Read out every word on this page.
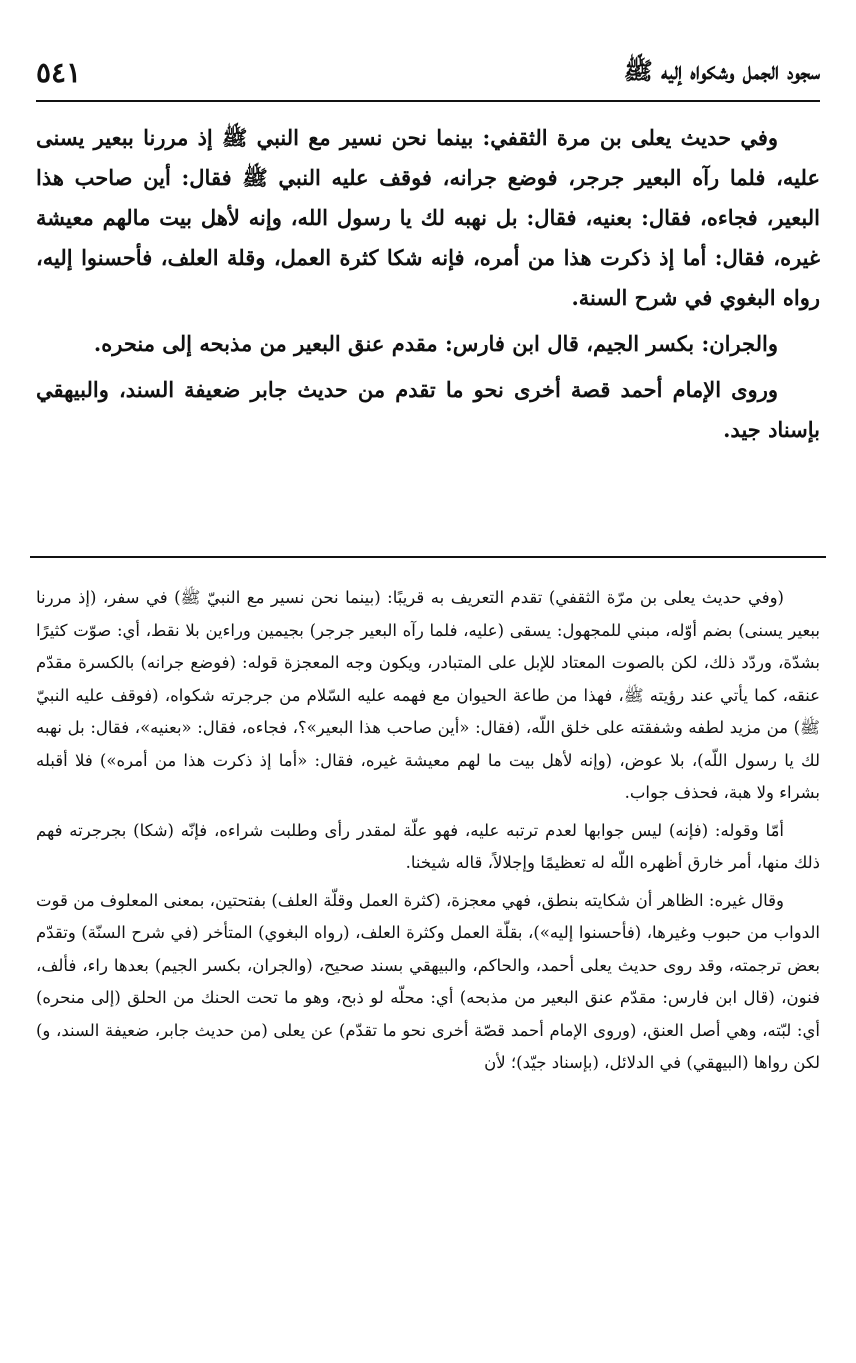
٥٤١	سجود الجمل وشكواه إليه ﷺ

وفي حديث يعلى بن مرة الثقفي: بينما نحن نسير مع النبي ﷺ إذ مررنا ببعير يسنى عليه، فلما رآه البعير جرجر، فوضع جرانه، فوقف عليه النبي ﷺ فقال: أين صاحب هذا البعير، فجاءه، فقال: بعنيه، فقال: بل نهبه لك يا رسول الله، وإنه لأهل بيت مالهم معيشة غيره، فقال: أما إذ ذكرت هذا من أمره، فإنه شكا كثرة العمل، وقلة العلف، فأحسنوا إليه، رواه البغوي في شرح السنة.

والجران: بكسر الجيم، قال ابن فارس: مقدم عنق البعير من مذبحه إلى منحره.

وروى الإمام أحمد قصة أخرى نحو ما تقدم من حديث جابر ضعيفة السند، والبيهقي بإسناد جيد.

(وفي حديث يعلى بن مرّة الثقفي) تقدم التعريف به قريبًا: (بينما نحن نسير مع النبيّ ﷺ) في سفر، (إذ مررنا ببعير يسنى) بضم أوّله، مبني للمجهول: يسقى (عليه، فلما رآه البعير جرجر) بجيمين وراءين بلا نقط، أي: صوّت كثيرًا بشدّة، وردّد ذلك، لكن بالصوت المعتاد للإبل على المتبادر، ويكون وجه المعجزة قوله: (فوضع جرانه) بالكسرة مقدّم عنقه، كما يأتي عند رؤيته ﷺ، فهذا من طاعة الحيوان مع فهمه عليه السّلام من جرجرته شكواه، (فوقف عليه النبيّ ﷺ) من مزيد لطفه وشفقته على خلق اللّه، (فقال: «أين صاحب هذا البعير»؟، فجاءه، فقال: «بعنيه»، فقال: بل نهبه لك يا رسول اللّه)، بلا عوض، (وإنه لأهل بيت ما لهم معيشة غيره، فقال: «أما إذ ذكرت هذا من أمره») فلا أقبله بشراء ولا هبة، فحذف جواب.

أمّا وقوله: (فإنه) ليس جوابها لعدم ترتبه عليه، فهو علّة لمقدر رأى وطلبت شراءه، فإنّه (شكا) بجرجرته فهم ذلك منها، أمر خارق أظهره اللّه له تعظيمًا وإجلالاً، قاله شيخنا.

وقال غيره: الظاهر أن شكايته بنطق، فهي معجزة، (كثرة العمل وقلّة العلف) بفتحتين، بمعنى المعلوف من قوت الدواب من حبوب وغيرها، (فأحسنوا إليه»)، بقلّة العمل وكثرة العلف، (رواه البغوي) المتأخر (في شرح السنّة) وتقدّم بعض ترجمته، وقد روى حديث يعلى أحمد، والحاكم، والبيهقي بسند صحيح، (والجران، بكسر الجيم) بعدها راء، فألف، فنون، (قال ابن فارس: مقدّم عنق البعير من مذبحه) أي: محلّه لو ذبح، وهو ما تحت الحنك من الحلق (إلى منحره) أي: لبّته، وهي أصل العنق، (وروى الإمام أحمد قصّة أخرى نحو ما تقدّم) عن يعلى (من حديث جابر، ضعيفة السند، و) لكن رواها (البيهقي) في الدلائل، (بإسناد جيّد)؛ لأن
